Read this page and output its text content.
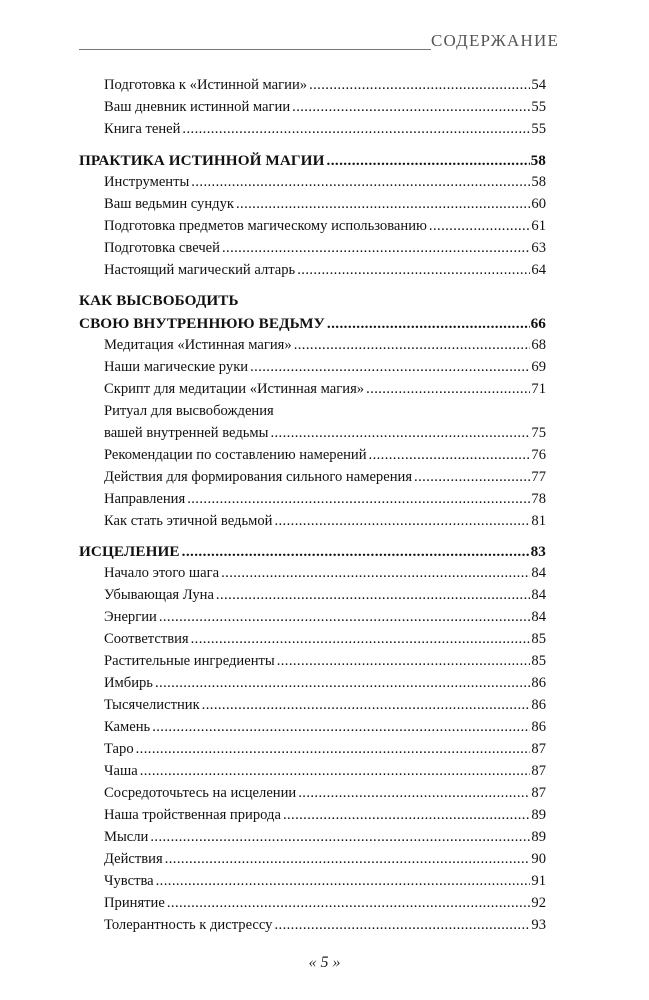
СОДЕРЖАНИЕ
Подготовка к «Истинной магии» .....	54
Ваш дневник истинной магии .....	55
Книга теней .....	55
ПРАКТИКА ИСТИННОЙ МАГИИ .....	58
Инструменты .....	58
Ваш ведьмин сундук .....	60
Подготовка предметов магическому использованию .....	61
Подготовка свечей .....	63
Настоящий магический алтарь .....	64
КАК ВЫСВОБОДИТЬ
СВОЮ ВНУТРЕННЮЮ ВЕДЬМУ .....	66
Медитация «Истинная магия» .....	68
Наши магические руки .....	69
Скрипт для медитации «Истинная магия» .....	71
Ритуал для высвобождения
вашей внутренней ведьмы .....	75
Рекомендации по составлению намерений .....	76
Действия для формирования сильного намерения .....	77
Направления .....	78
Как стать этичной ведьмой .....	81
ИСЦЕЛЕНИЕ .....	83
Начало этого шага .....	84
Убывающая Луна .....	84
Энергии .....	84
Соответствия .....	85
Растительные ингредиенты .....	85
Имбирь .....	86
Тысячелистник .....	86
Камень .....	86
Таро .....	87
Чаша .....	87
Сосредоточьтесь на исцелении .....	87
Наша тройственная природа .....	89
Мысли .....	89
Действия .....	90
Чувства .....	91
Принятие .....	92
Толерантность к дистрессу .....	93
« 5 »
